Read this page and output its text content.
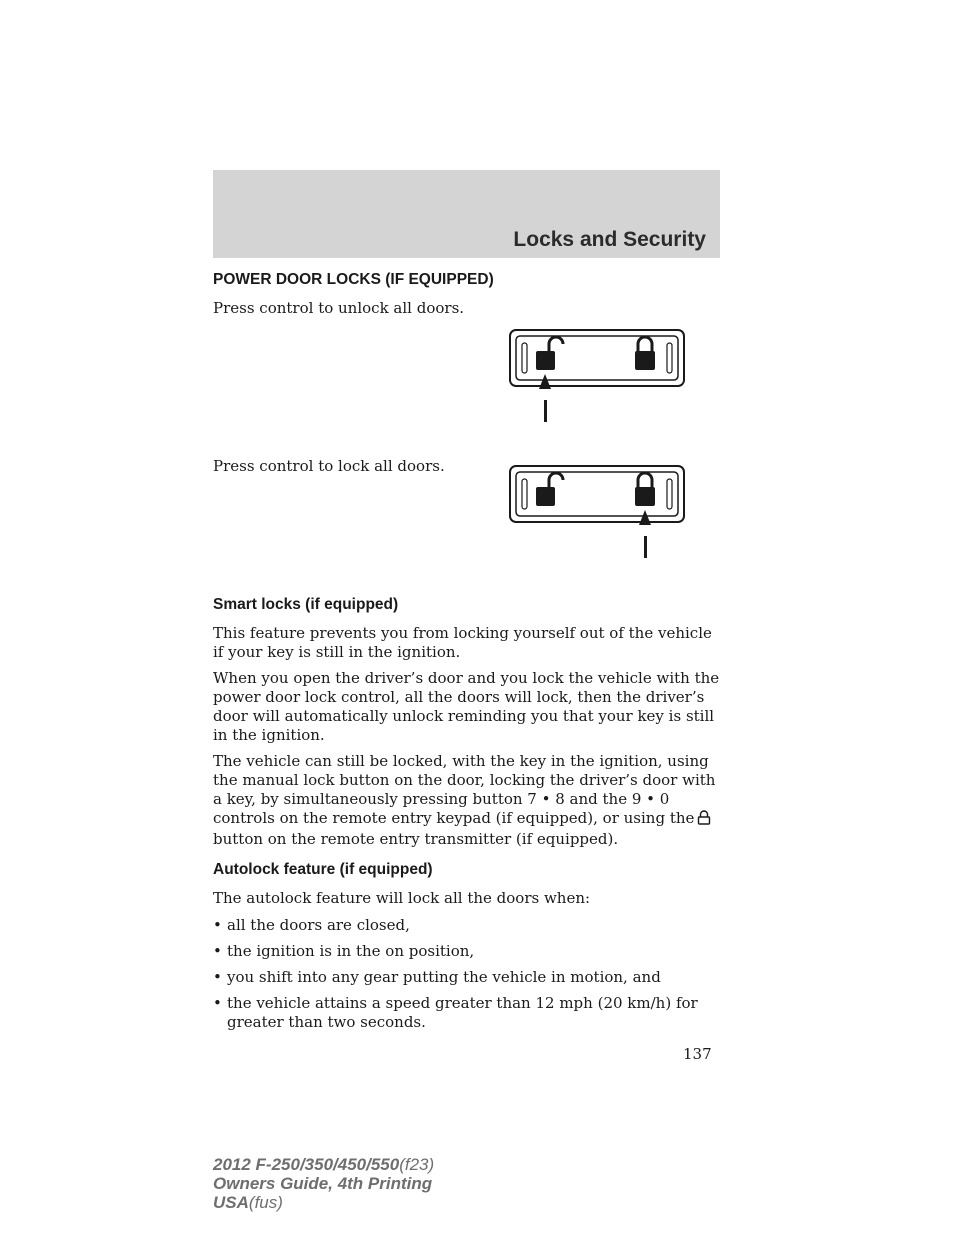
Locks and Security
POWER DOOR LOCKS (IF EQUIPPED)

Press control to unlock all doors.

Press control to lock all doors.

Smart locks (if equipped)

This feature prevents you from locking yourself out of the vehicle if your key is still in the ignition.

When you open the driver’s door and you lock the vehicle with the power door lock control, all the doors will lock, then the driver’s door will automatically unlock reminding you that your key is still in the ignition.

The vehicle can still be locked, with the key in the ignition, using the manual lock button on the door, locking the driver’s door with a key, by simultaneously pressing button 7 • 8 and the 9 • 0 controls on the remote entry keypad (if equipped), or using thebutton on the remote entry transmitter (if equipped).

Autolock feature (if equipped)

The autolock feature will lock all the doors when:

• all the doors are closed,
• the ignition is in the on position,
• you shift into any gear putting the vehicle in motion, and
• the vehicle attains a speed greater than 12 mph (20 km/h) for greater than two seconds.
137
2012 F-250/350/450/550(f23)
Owners Guide, 4th Printing
USA(fus)
